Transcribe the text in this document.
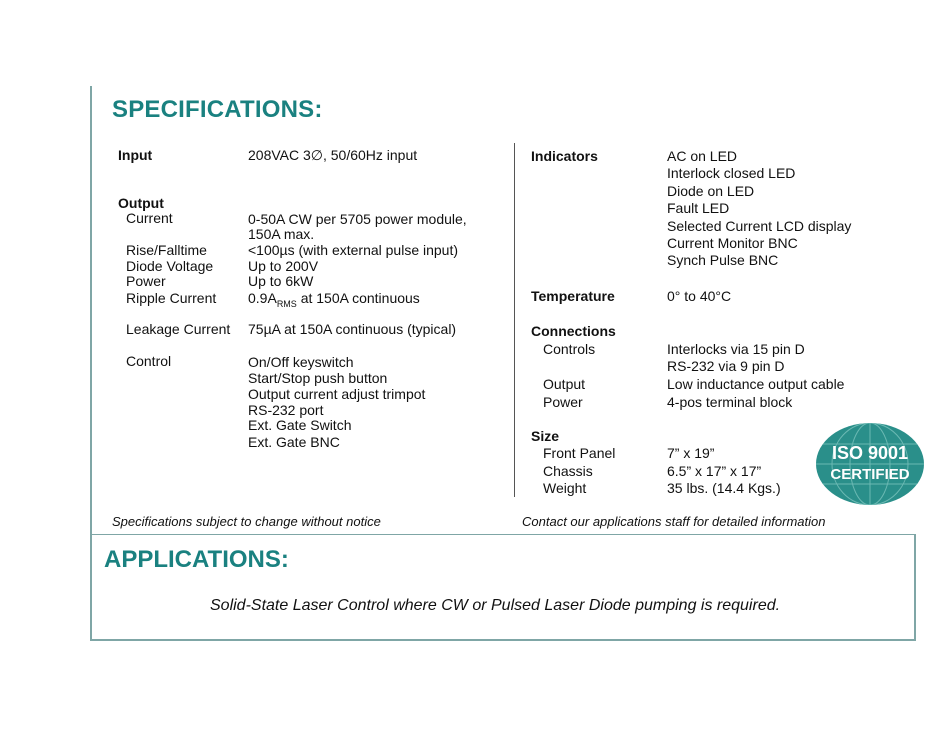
SPECIFICATIONS:
Input	208VAC 3∅, 50/60Hz input
Output
Current	0-50A CW per 5705 power module,
150A max.
Rise/Falltime	<100µs (with external pulse input)
Diode Voltage Up to 200V
Power	Up to 6kW
Ripple Current $0.9A_{RMS}$ at 150A continuous
Leakage Current 75µA at 150A continuous (typical)
Control	On/Off keyswitch
Start/Stop push button
Output current adjust trimpot
RS-232 port
Ext. Gate Switch
Ext. Gate BNC
Indicators	AC on LED
Interlock closed LED
Diode on LED
Fault LED
Selected Current LCD display
Current Monitor BNC
Synch Pulse BNC
Temperature	0° to 40°C
Connections
Controls	Interlocks via 15 pin D
RS-232 via 9 pin D
Output	Low inductance output cable
Power	4-pos terminal block
Size
Front Panel	7” x 19”
Chassis	6.5” x 17” x 17”
Weight	35 lbs. (14.4 Kgs.)
ISO 9001
CERTIFIED
Specifications subject to change without notice	Contact our applications staff for detailed information
APPLICATIONS:
Solid-State Laser Control where CW or Pulsed Laser Diode pumping is required.
